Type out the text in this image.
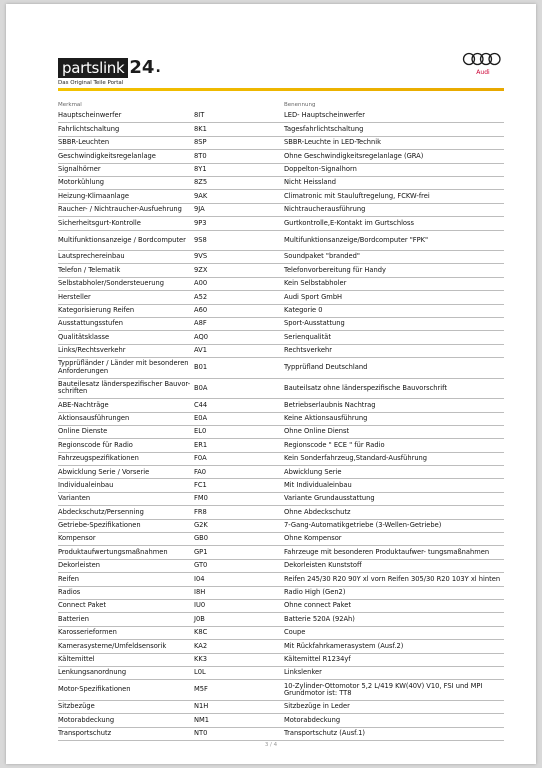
partslink 24 .
Das Original Teile Portal
Audi
Merkmal	Benennung
Hauptscheinwerfer	8IT	LED- Hauptscheinwerfer
Fahrlichtschaltung	8K1	Tagesfahrlichtschaltung
SBBR-Leuchten	8SP	SBBR-Leuchte in LED-Technik
Geschwindigkeitsregelanlage	8T0	Ohne Geschwindigkeitsregelanlage (GRA)
Signalhörner	8Y1	Doppelton-Signalhorn
Motorkühlung	8Z5	Nicht Heissland
Heizung-Klimaanlage	9AK	Climatronic mit Stauluftregelung, FCKW-frei
Raucher- / Nichtraucher-Ausfuehrung	9JA	Nichtraucherausführung
Sicherheitsgurt-Kontrolle	9P3	Gurtkontrolle,E-Kontakt im Gurtschloss
Multifunktionsanzeige / Bordcomputer	9S8	Multifunktionsanzeige/Bordcomputer "FPK"
Lautsprechereinbau	9VS	Soundpaket "branded"
Telefon / Telematik	9ZX	Telefonvorbereitung für Handy
Selbstabholer/Sondersteuerung	A00	Kein Selbstabholer
Hersteller	A52	Audi Sport GmbH
Kategorisierung Reifen	A60	Kategorie 0
Ausstattungsstufen	A8F	Sport-Ausstattung
Qualitätsklasse	AQ0	Serienqualität
Links/Rechtsverkehr	AV1	Rechtsverkehr
Typprüfländer / Länder mit besonderen Anforderungen	B01	Typprüfland Deutschland
Bauteilesatz länderspezifischer Bauvor- schriften	B0A	Bauteilsatz ohne länderspezifische Bauvorschrift
ABE-Nachträge	C44	Betriebserlaubnis Nachtrag
Aktionsausführungen	E0A	Keine Aktionsausführung
Online Dienste	EL0	Ohne Online Dienst
Regionscode für Radio	ER1	Regionscode " ECE " für Radio
Fahrzeugspezifikationen	F0A	Kein Sonderfahrzeug,Standard-Ausführung
Abwicklung Serie / Vorserie	FA0	Abwicklung Serie
Individualeinbau	FC1	Mit Individualeinbau
Varianten	FM0	Variante Grundausstattung
Abdeckschutz/Persenning	FR8	Ohne Abdeckschutz
Getriebe-Spezifikationen	G2K	7-Gang-Automatikgetriebe (3-Wellen-Getriebe)
Kompensor	GB0	Ohne Kompensor
Produktaufwertungsmaßnahmen	GP1	Fahrzeuge mit besonderen Produktaufwer- tungsmaßnahmen
Dekorleisten	GT0	Dekorleisten Kunststoff
Reifen	I04	Reifen 245/30 R20 90Y xl vorn Reifen 305/30 R20 103Y xl hinten
Radios	I8H	Radio High (Gen2)
Connect Paket	IU0	Ohne connect Paket
Batterien	J0B	Batterie 520A (92Ah)
Karosserieformen	K8C	Coupe
Kamerasysteme/Umfeldsensorik	KA2	Mit Rückfahrkamerasystem (Ausf.2)
Kältemittel	KK3	Kältemittel R1234yf
Lenkungsanordnung	L0L	Linkslenker
Motor-Spezifikationen	M5F	10-Zylinder-Ottomotor 5,2 L/419 KW(40V) V10, FSI und MPI Grundmotor ist: TT8
Sitzbezüge	N1H	Sitzbezüge in Leder
Motorabdeckung	NM1	Motorabdeckung
Transportschutz	NT0	Transportschutz (Ausf.1)
3 / 4
